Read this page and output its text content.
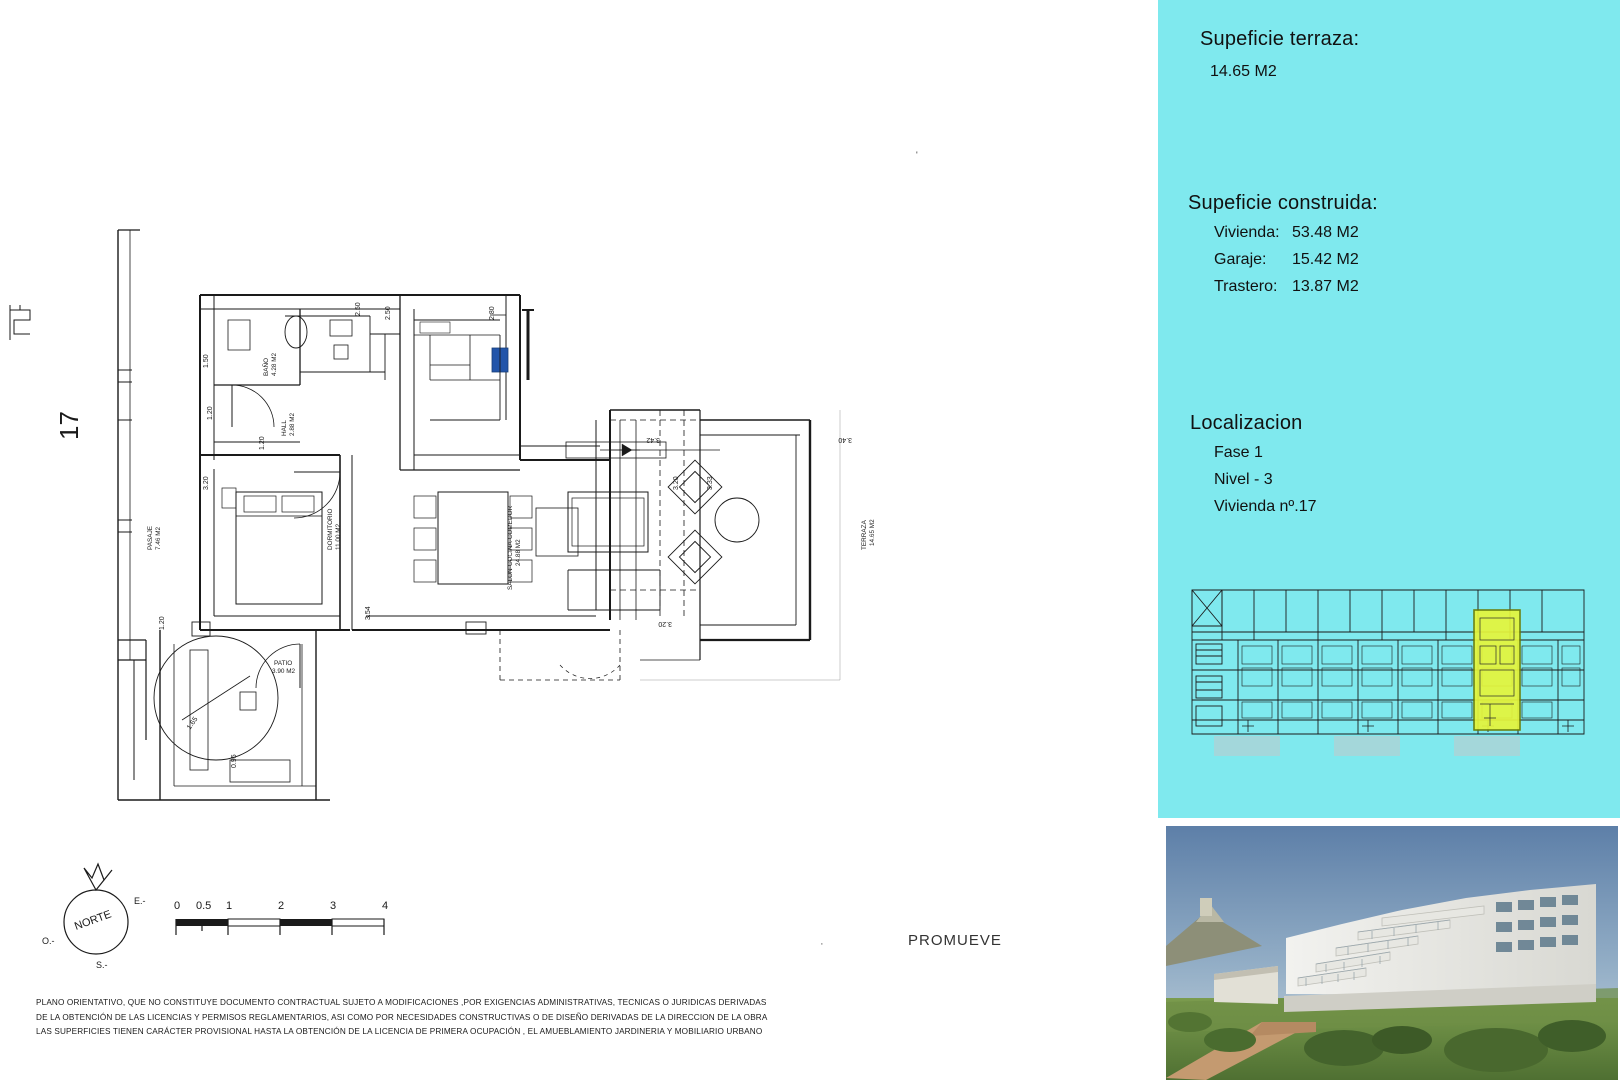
17
2.50	2.50	2.80
1.50
1.20
1.20
3.20
3.54
3.42
3.20	3.33
3.40
3.20
1.20
1.65
0.95
BAÑO 4.28 M2
HALL 2.88 M2
DORMITORIO 11.00 M2	SALON-COCINA-COMEDOR 24.88 M2
TERRAZA 14.65 M2
PATIO
3.90 M2
PASAJE 7.46 M2
'
NORTE
E.-
O.-
S.-
0 0.5 1	2	3	4
·	PROMUEVE
PLANO ORIENTATIVO, QUE NO CONSTITUYE DOCUMENTO CONTRACTUAL SUJETO A MODIFICACIONES ,POR EXIGENCIAS ADMINISTRATIVAS, TECNICAS O JURIDICAS DERIVADAS
DE LA OBTENCIÓN DE LAS LICENCIAS Y PERMISOS REGLAMENTARIOS, ASI COMO POR NECESIDADES CONSTRUCTIVAS O DE DISEÑO DERIVADAS DE LA DIRECCION DE LA OBRA
LAS SUPERFICIES TIENEN CARÁCTER PROVISIONAL HASTA LA OBTENCIÓN DE LA LICENCIA DE PRIMERA OCUPACIÓN , EL AMUEBLAMIENTO JARDINERIA Y MOBILIARIO URBANO
Supeficie terraza:
14.65 M2
Supeficie construida:
Vivienda: 53.48 M2
Garaje:	15.42 M2
Trastero: 13.87 M2
Localizacion
Fase 1
Nivel - 3
Vivienda nº.17
